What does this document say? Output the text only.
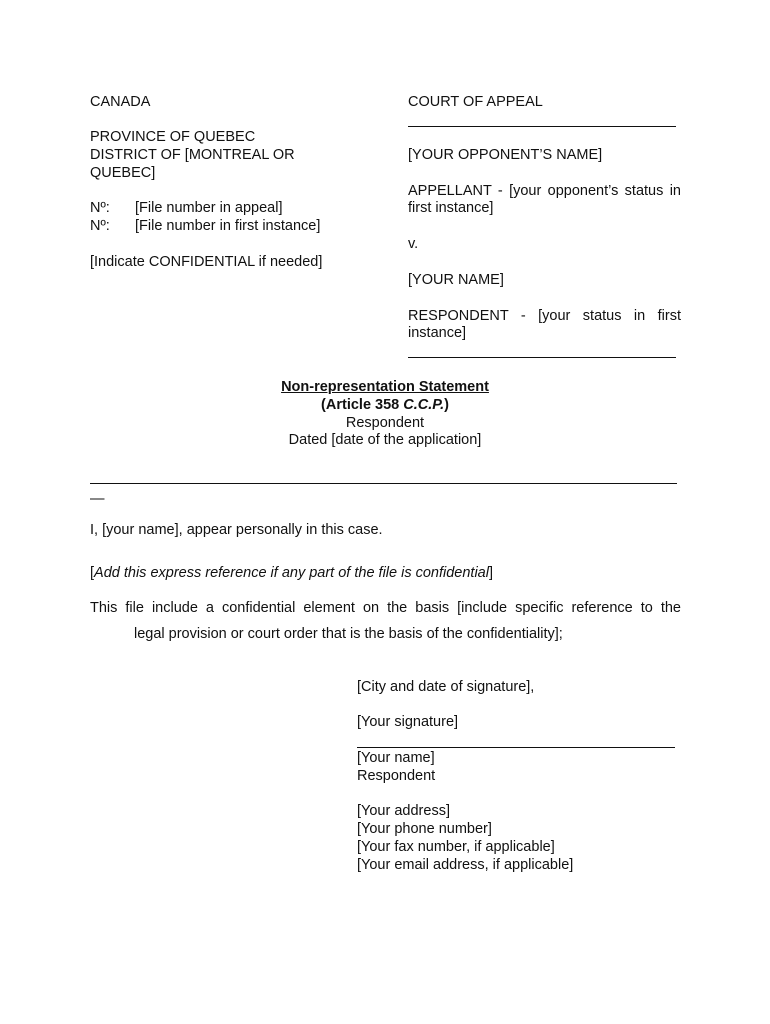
CANADA
PROVINCE OF QUEBEC
DISTRICT OF [MONTREAL OR
QUEBEC]
Nº: [File number in appeal]
Nº: [File number in first instance]
[Indicate CONFIDENTIAL if needed]
COURT OF APPEAL
[YOUR OPPONENT’S NAME]
APPELLANT - [your opponent’s status in
first instance]
v.
[YOUR NAME]
RESPONDENT - [your status in first
instance]
Non-representation Statement
(Article 358 C.C.P.)
Respondent
Dated [date of the application]
—
I, [your name], appear personally in this case.
[Add this express reference if any part of the file is confidential]
This file include a confidential element on the basis [include specific reference to the
legal provision or court order that is the basis of the confidentiality];
[City and date of signature],
[Your signature]
[Your name]
Respondent
[Your address]
[Your phone number]
[Your fax number, if applicable]
[Your email address, if applicable]
